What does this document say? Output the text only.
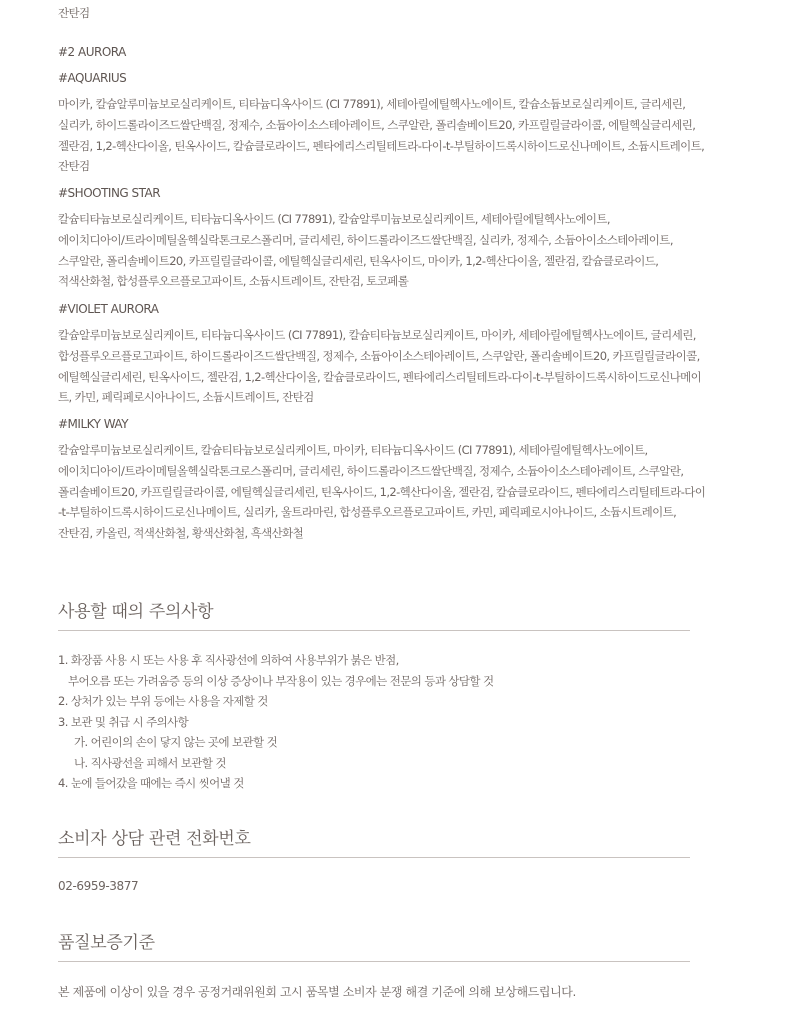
잔탄검
#2 AURORA
#AQUARIUS
마이카, 칼슘알루미늄보로실리케이트, 티타늄디옥사이드 (CI 77891), 세테아릴에틸헥사노에이트, 칼슘소듐보로실리케이트, 글리세린,
실리카, 하이드롤라이즈드쌀단백질, 정제수, 소듐아이소스테아레이트, 스쿠알란, 폴리솔베이트20, 카프릴릴글라이콜, 에틸헥실글리세린,
젤란검, 1,2-헥산다이올, 틴옥사이드, 칼슘클로라이드, 펜타에리스리틸테트라-다이-t-부틸하이드록시하이드로신나메이트, 소듐시트레이트,
잔탄검
#SHOOTING STAR
칼슘티타늄보로실리케이트, 티타늄디옥사이드 (CI 77891), 칼슘알루미늄보로실리케이트, 세테아릴에틸헥사노에이트,
에이치디아이/트라이메틸올헥실락톤크로스폴리머, 글리세린, 하이드롤라이즈드쌀단백질, 실리카, 정제수, 소듐아이소스테아레이트,
스쿠알란, 폴리솔베이트20, 카프릴릴글라이콜, 에틸헥실글리세린, 틴옥사이드, 마이카, 1,2-헥산다이올, 젤란검, 칼슘클로라이드,
적색산화철, 합성플루오르플로고파이트, 소듐시트레이트, 잔탄검, 토코페롤
#VIOLET AURORA
칼슘알루미늄보로실리케이트, 티타늄디옥사이드 (CI 77891), 칼슘티타늄보로실리케이트, 마이카, 세테아릴에틸헥사노에이트, 글리세린,
합성플루오르플로고파이트, 하이드롤라이즈드쌀단백질, 정제수, 소듐아이소스테아레이트, 스쿠알란, 폴리솔베이트20, 카프릴릴글라이콜,
에틸헥실글리세린, 틴옥사이드, 젤란검, 1,2-헥산다이올, 칼슘클로라이드, 펜타에리스리틸테트라-다이-t-부틸하이드록시하이드로신나메이
트, 카민, 페릭페로시아나이드, 소듐시트레이트, 잔탄검
#MILKY WAY
칼슘알루미늄보로실리케이트, 칼슘티타늄보로실리케이트, 마이카, 티타늄디옥사이드 (CI 77891), 세테아릴에틸헥사노에이트,
에이치디아이/트라이메틸올헥실락톤크로스폴리머, 글리세린, 하이드롤라이즈드쌀단백질, 정제수, 소듐아이소스테아레이트, 스쿠알란,
폴리솔베이트20, 카프릴릴글라이콜, 에틸헥실글리세린, 틴옥사이드, 1,2-헥산다이올, 젤란검, 칼슘클로라이드, 펜타에리스리틸테트라-다이
-t-부틸하이드록시하이드로신나메이트, 실리카, 울트라마린, 합성플루오르플로고파이트, 카민, 페릭페로시아나이드, 소듐시트레이트,
잔탄검, 카올린, 적색산화철, 황색산화철, 흑색산화철
사용할 때의 주의사항
1. 화장품 사용 시 또는 사용 후 직사광선에 의하여 사용부위가 붉은 반점,
부어오름 또는 가려움증 등의 이상 증상이나 부작용이 있는 경우에는 전문의 등과 상담할 것
2. 상처가 있는 부위 등에는 사용을 자제할 것
3. 보관 및 취급 시 주의사항
가. 어린이의 손이 닿지 않는 곳에 보관할 것
나. 직사광선을 피해서 보관할 것
4. 눈에 들어갔을 때에는 즉시 씻어낼 것
소비자 상담 관련 전화번호
02-6959-3877
품질보증기준
본 제품에 이상이 있을 경우 공정거래위원회 고시 품목별 소비자 분쟁 해결 기준에 의해 보상해드립니다.
